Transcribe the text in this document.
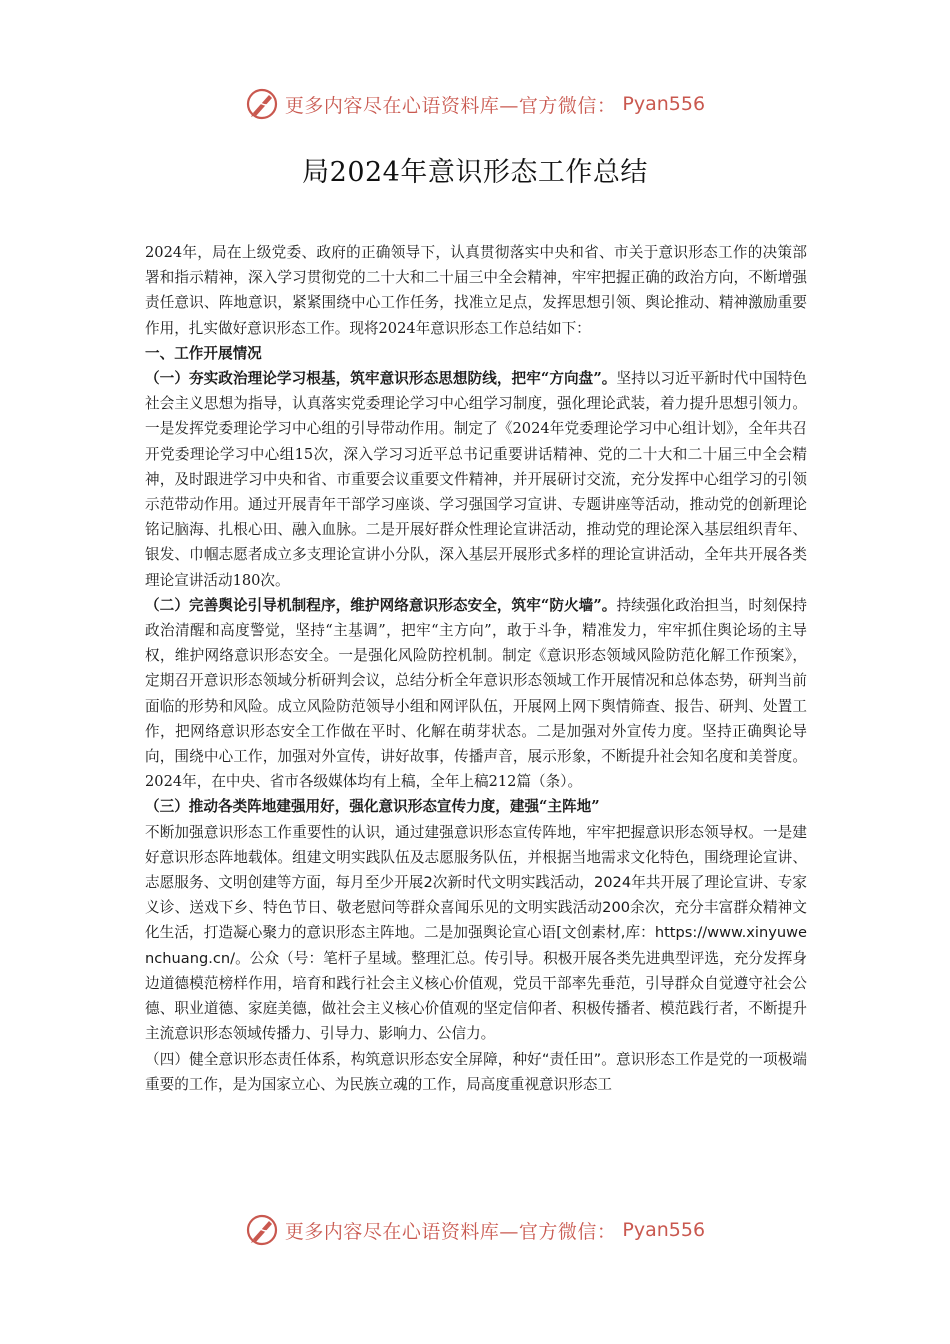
更多内容尽在心语资料库—官方微信： Pyan556
局2024年意识形态工作总结

2024年，局在上级党委、政府的正确领导下，认真贯彻落实中央和省、市关于意识形态工作的决策部署和指示精神，深入学习贯彻党的二十大和二十届三中全会精神，牢牢把握正确的政治方向，不断增强责任意识、阵地意识，紧紧围绕中心工作任务，找准立足点，发挥思想引领、舆论推动、精神激励重要作用，扎实做好意识形态工作。现将2024年意识形态工作总结如下：

一、工作开展情况

（一）夯实政治理论学习根基，筑牢意识形态思想防线，把牢“方向盘”。坚持以习近平新时代中国特色社会主义思想为指导，认真落实党委理论学习中心组学习制度，强化理论武装，着力提升思想引领力。一是发挥党委理论学习中心组的引导带动作用。制定了《2024年党委理论学习中心组计划》，全年共召开党委理论学习中心组15次，深入学习习近平总书记重要讲话精神、党的二十大和二十届三中全会精神，及时跟进学习中央和省、市重要会议重要文件精神，并开展研讨交流，充分发挥中心组学习的引领示范带动作用。通过开展青年干部学习座谈、学习强国学习宣讲、专题讲座等活动，推动党的创新理论铭记脑海、扎根心田、融入血脉。二是开展好群众性理论宣讲活动，推动党的理论深入基层组织青年、银发、巾帼志愿者成立多支理论宣讲小分队，深入基层开展形式多样的理论宣讲活动，全年共开展各类理论宣讲活动180次。

（二）完善舆论引导机制程序，维护网络意识形态安全，筑牢“防火墙”。持续强化政治担当，时刻保持政治清醒和高度警觉，坚持“主基调”，把牢“主方向”，敢于斗争，精准发力，牢牢抓住舆论场的主导权，维护网络意识形态安全。一是强化风险防控机制。制定《意识形态领域风险防范化解工作预案》，定期召开意识形态领域分析研判会议，总结分析全年意识形态领域工作开展情况和总体态势，研判当前面临的形势和风险。成立风险防范领导小组和网评队伍，开展网上网下舆情筛查、报告、研判、处置工作，把网络意识形态安全工作做在平时、化解在萌芽状态。二是加强对外宣传力度。坚持正确舆论导向，围绕中心工作，加强对外宣传，讲好故事，传播声音，展示形象，不断提升社会知名度和美誉度。2024年，在中央、省市各级媒体均有上稿，全年上稿212篇（条）。

（三）推动各类阵地建强用好，强化意识形态宣传力度，建强“主阵地”

不断加强意识形态工作重要性的认识，通过建强意识形态宣传阵地，牢牢把握意识形态领导权。一是建好意识形态阵地载体。组建文明实践队伍及志愿服务队伍，并根据当地需求文化特色，围绕理论宣讲、志愿服务、文明创建等方面，每月至少开展2次新时代文明实践活动，2024年共开展了理论宣讲、专家义诊、送戏下乡、特色节日、敬老慰问等群众喜闻乐见的文明实践活动200余次，充分丰富群众精神文化生活，打造凝心聚力的意识形态主阵地。二是加强舆论宣心语[文创素材,库：https://www.xinyuwenchuang.cn/。公众（号：笔杆子星域。整理汇总。传引导。积极开展各类先进典型评选，充分发挥身边道德模范榜样作用，培育和践行社会主义核心价值观，党员干部率先垂范，引导群众自觉遵守社会公德、职业道德、家庭美德，做社会主义核心价值观的坚定信仰者、积极传播者、模范践行者，不断提升主流意识形态领域传播力、引导力、影响力、公信力。

（四）健全意识形态责任体系，构筑意识形态安全屏障，种好“责任田”。意识形态工作是党的一项极端重要的工作，是为国家立心、为民族立魂的工作，局高度重视意识形态工

更多内容尽在心语资料库—官方微信： Pyan556
